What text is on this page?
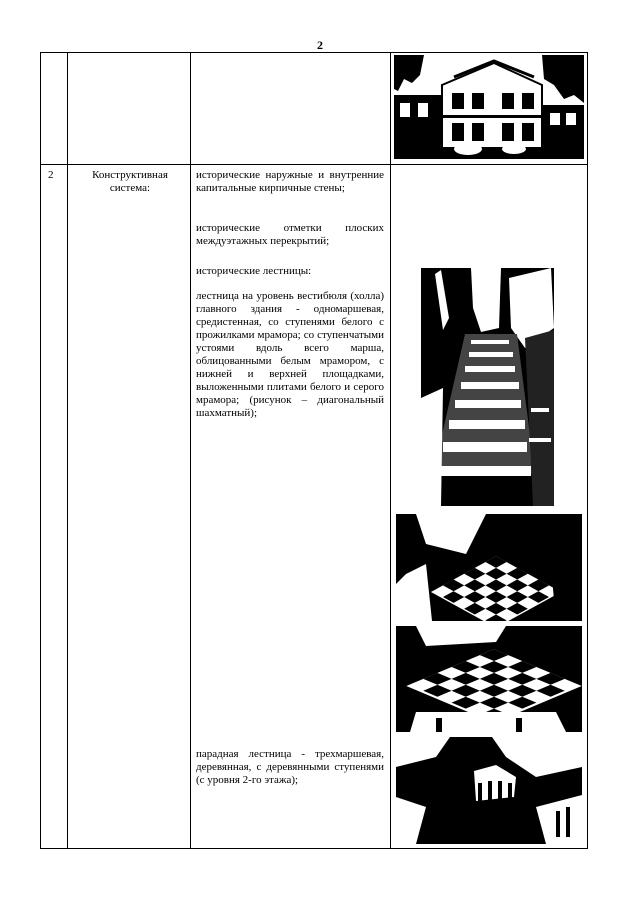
2
2	Конструктивная система:
исторические наружные и внутренние капитальные кирпичные стены;
исторические отметки плоских междуэтажных перекрытий;
исторические лестницы:
лестница на уровень вестибюля (холла) главного здания - одномаршевая, средистенная, со ступенями белого с прожилками мрамора; со ступенчатыми устоями вдоль всего марша, облицованными белым мрамором, с нижней и верхней площадками, выложенными плитами белого и серого мрамора; (рисунок – диагональный шахматный);
парадная лестница - трехмаршевая, деревянная, с деревянными ступенями (с уровня 2-го этажа);
